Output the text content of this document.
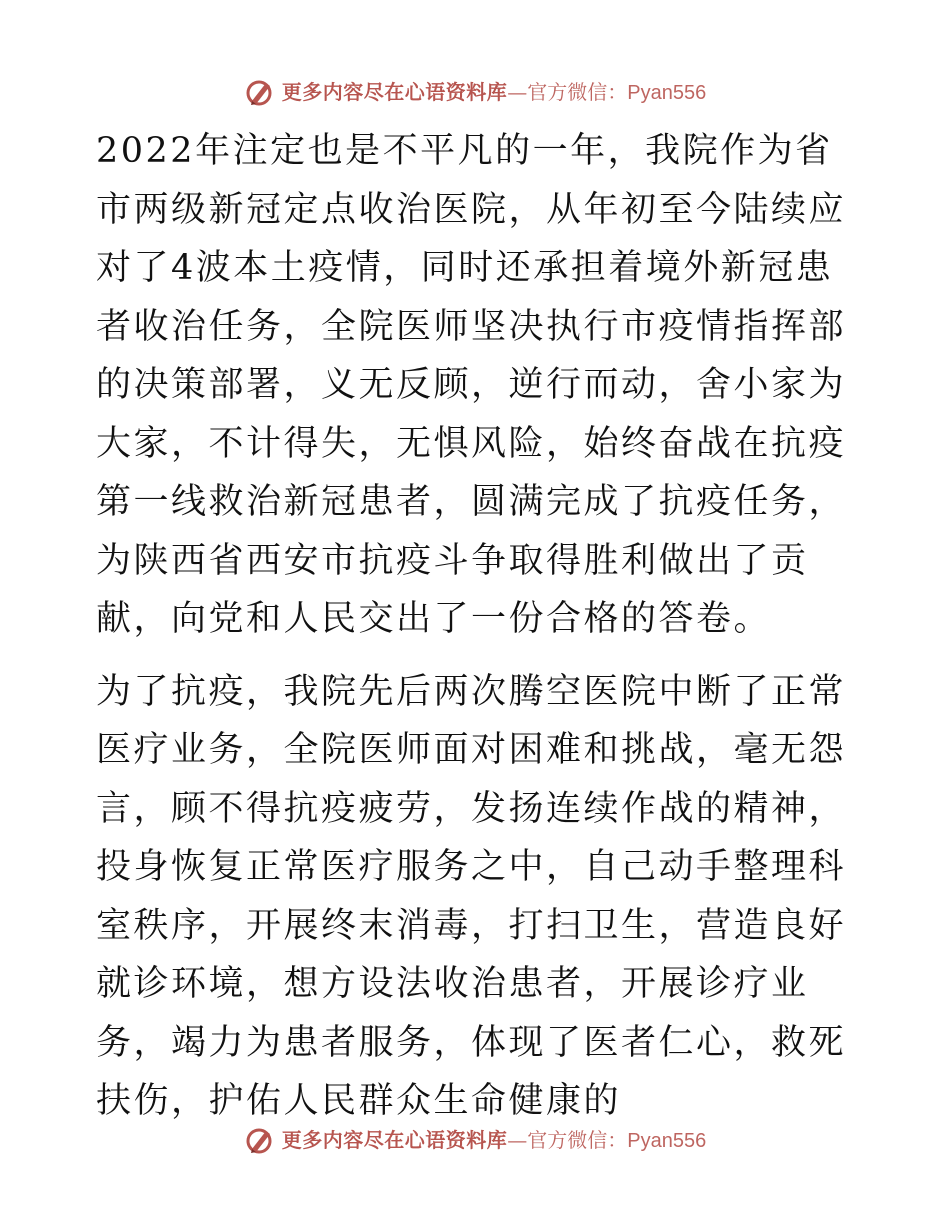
更多内容尽在心语资料库—官方微信：Pyan556

2022年注定也是不平凡的一年，我院作为省市两级新冠定点收治医院，从年初至今陆续应对了4波本土疫情，同时还承担着境外新冠患者收治任务，全院医师坚决执行市疫情指挥部的决策部署，义无反顾，逆行而动，舍小家为大家，不计得失，无惧风险，始终奋战在抗疫第一线救治新冠患者，圆满完成了抗疫任务，为陕西省西安市抗疫斗争取得胜利做出了贡献，向党和人民交出了一份合格的答卷。

为了抗疫，我院先后两次腾空医院中断了正常医疗业务，全院医师面对困难和挑战，毫无怨言，顾不得抗疫疲劳，发扬连续作战的精神，投身恢复正常医疗服务之中，自己动手整理科室秩序，开展终末消毒，打扫卫生，营造良好就诊环境，想方设法收治患者，开展诊疗业务，竭力为患者服务，体现了医者仁心，救死扶伤，护佑人民群众生命健康的

更多内容尽在心语资料库—官方微信：Pyan556
